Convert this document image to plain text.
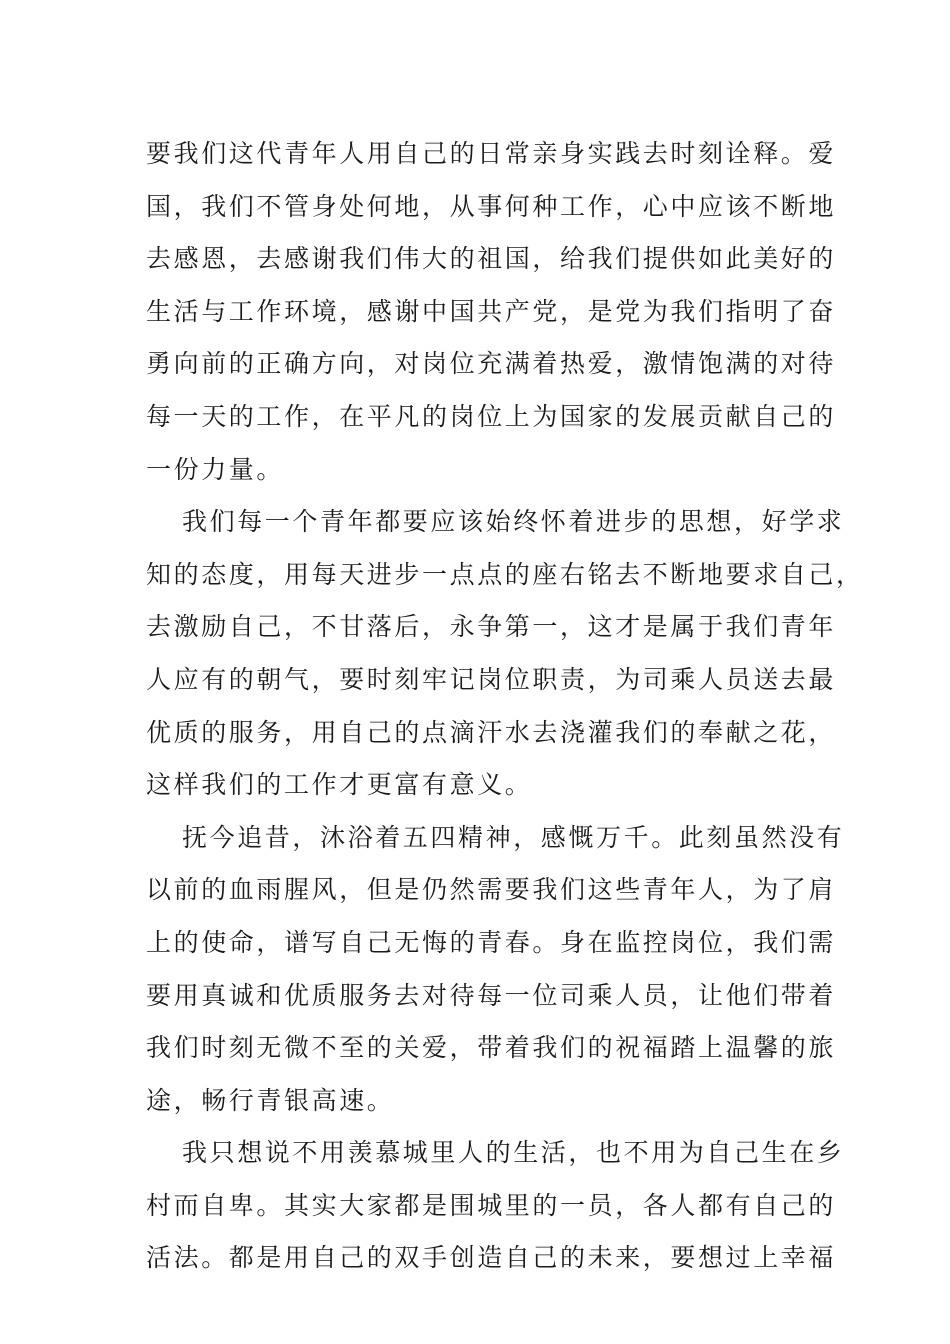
要我们这代青年人用自己的日常亲身实践去时刻诠释。爱
国，我们不管身处何地，从事何种工作，心中应该不断地
去感恩，去感谢我们伟大的祖国，给我们提供如此美好的
生活与工作环境，感谢中国共产党，是党为我们指明了奋
勇向前的正确方向，对岗位充满着热爱，激情饱满的对待
每一天的工作，在平凡的岗位上为国家的发展贡献自己的
一份力量。
我们每一个青年都要应该始终怀着进步的思想，好学求
知的态度，用每天进步一点点的座右铭去不断地要求自己，
去激励自己，不甘落后，永争第一，这才是属于我们青年
人应有的朝气，要时刻牢记岗位职责，为司乘人员送去最
优质的服务，用自己的点滴汗水去浇灌我们的奉献之花，
这样我们的工作才更富有意义。
抚今追昔，沐浴着五四精神，感慨万千。此刻虽然没有
以前的血雨腥风，但是仍然需要我们这些青年人，为了肩
上的使命，谱写自己无悔的青春。身在监控岗位，我们需
要用真诚和优质服务去对待每一位司乘人员，让他们带着
我们时刻无微不至的关爱，带着我们的祝福踏上温馨的旅
途，畅行青银高速。
我只想说不用羡慕城里人的生活，也不用为自己生在乡
村而自卑。其实大家都是围城里的一员，各人都有自己的
活法。都是用自己的双手创造自己的未来，要想过上幸福
